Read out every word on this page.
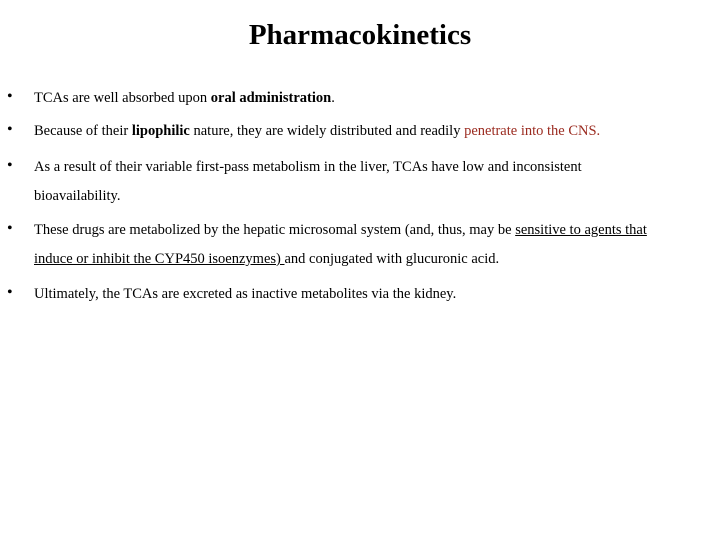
Pharmacokinetics
• TCAs are well absorbed upon oral administration.
• Because of their lipophilic nature, they are widely distributed and readily penetrate into the CNS.
• As a result of their variable first-pass metabolism in the liver, TCAs have low and inconsistent
bioavailability.
• These drugs are metabolized by the hepatic microsomal system (and, thus, may be sensitive to agents that
induce or inhibit the CYP450 isoenzymes) and conjugated with glucuronic acid.
• Ultimately, the TCAs are excreted as inactive metabolites via the kidney.
